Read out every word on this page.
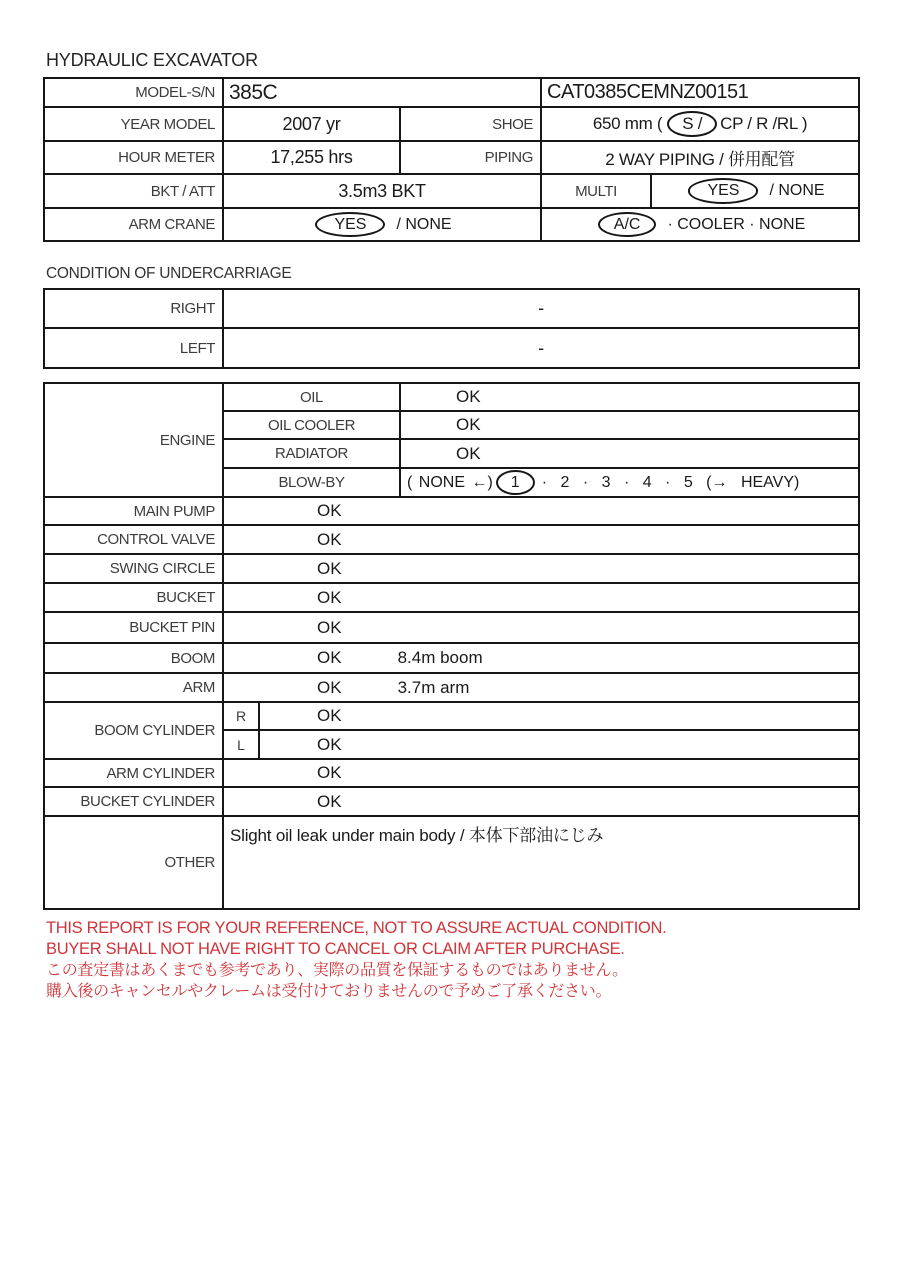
HYDRAULIC EXCAVATOR
MODEL-S/N	385C		CAT0385CEMNZ00151	
YEAR MODEL	2007 yr	SHOE	650 mm ( S / CP / R /RL )	
HOUR METER	17,255 hrs	PIPING	2 WAY PIPING / 併用配管	
BKT / ATT	3.5m3 BKT		MULTI	YES / NONE
ARM CRANE	YES / NONE		A/C · COOLER · NONE	
CONDITION OF UNDERCARRIAGE
RIGHT	-
LEFT	-
ENGINE	OIL		OK
	OIL COOLER		OK
	RADIATOR		OK
	BLOW-BY		( NONE ←) 1 · 2 · 3 · 4 · 5 (→ HEAVY)
MAIN PUMP	OK		
CONTROL VALVE	OK		
SWING CIRCLE	OK		
BUCKET	OK		
BUCKET PIN	OK		
BOOM	OK 8.4m boom		
ARM	OK 3.7m arm		
BOOM CYLINDER	R	OK	
	L	OK	
ARM CYLINDER	OK		
BUCKET CYLINDER	OK		
OTHER	Slight oil leak under main body / 本体下部油にじみ		
THIS REPORT IS FOR YOUR REFERENCE, NOT TO ASSURE ACTUAL CONDITION.
BUYER SHALL NOT HAVE RIGHT TO CANCEL OR CLAIM AFTER PURCHASE.
この査定書はあくまでも参考であり、実際の品質を保証するものではありません。
購入後のキャンセルやクレームは受付けておりませんので予めご了承ください。
